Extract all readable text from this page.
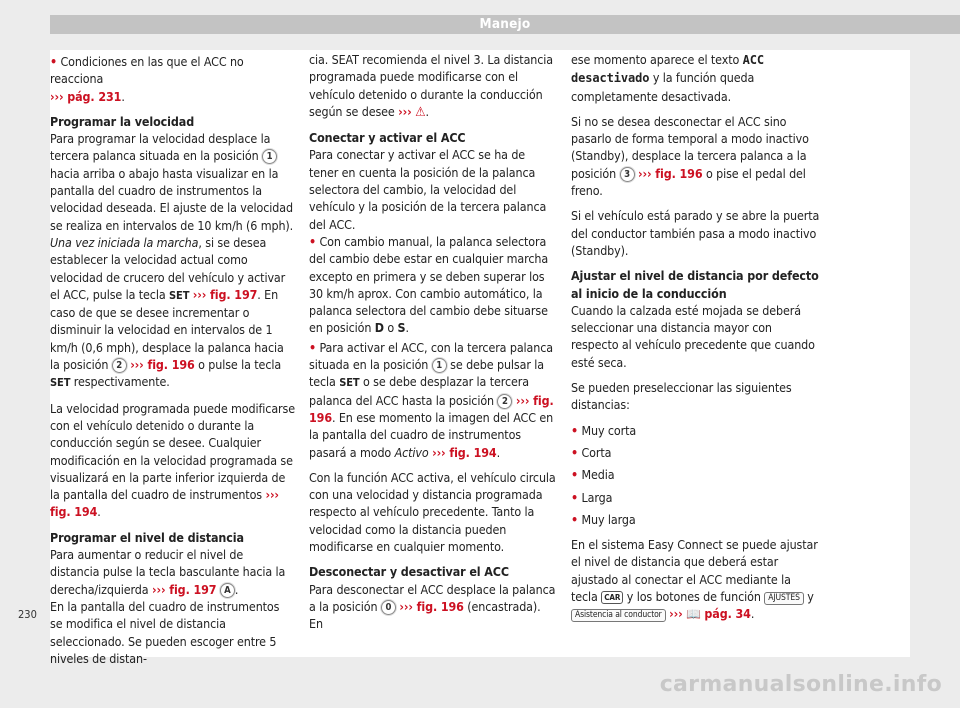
Manejo

• Condiciones en las que el ACC no reacciona
››› pág. 231.

Programar la velocidad
Para programar la velocidad desplace la tercera palanca situada en la posición 1 hacia arriba o abajo hasta visualizar en la pantalla del cuadro de instrumentos la velocidad deseada. El ajuste de la velocidad se realiza en intervalos de 10 km/h (6 mph).

Una vez iniciada la marcha, si se desea establecer la velocidad actual como velocidad de crucero del vehículo y activar el ACC, pulse la tecla SET ››› fig. 197. En caso de que se desee incrementar o disminuir la velocidad en intervalos de 1 km/h (0,6 mph), desplace la palanca hacia la posición 2 ››› fig. 196 o pulse la tecla SET respectivamente.

La velocidad programada puede modificarse con el vehículo detenido o durante la conducción según se desee. Cualquier modificación en la velocidad programada se visualizará en la parte inferior izquierda de la pantalla del cuadro de instrumentos ››› fig. 194.

Programar el nivel de distancia
Para aumentar o reducir el nivel de distancia pulse la tecla basculante hacia la derecha/izquierda ››› fig. 197 A .

En la pantalla del cuadro de instrumentos se modifica el nivel de distancia seleccionado. Se pueden escoger entre 5 niveles de distan-

cia. SEAT recomienda el nivel 3. La distancia programada puede modificarse con el vehículo detenido o durante la conducción según se desee ››› ⚠.

Conectar y activar el ACC
Para conectar y activar el ACC se ha de tener en cuenta la posición de la palanca selectora del cambio, la velocidad del vehículo y la posición de la tercera palanca del ACC.

• Con cambio manual, la palanca selectora del cambio debe estar en cualquier marcha excepto en primera y se deben superar los 30 km/h aprox. Con cambio automático, la palanca selectora del cambio debe situarse en posición D o S.

• Para activar el ACC, con la tercera palanca situada en la posición 1 se debe pulsar la tecla SET o se debe desplazar la tercera palanca del ACC hasta la posición 2 ››› fig. 196. En ese momento la imagen del ACC en la pantalla del cuadro de instrumentos pasará a modo Activo ››› fig. 194.

Con la función ACC activa, el vehículo circula con una velocidad y distancia programada respecto al vehículo precedente. Tanto la velocidad como la distancia pueden modificarse en cualquier momento.

Desconectar y desactivar el ACC
Para desconectar el ACC desplace la palanca a la posición 0 ››› fig. 196 (encastrada). En

ese momento aparece el texto ACC desactivado y la función queda completamente desactivada.

Si no se desea desconectar el ACC sino pasarlo de forma temporal a modo inactivo (Standby), desplace la tercera palanca a la posición 3 ››› fig. 196 o pise el pedal del freno.

Si el vehículo está parado y se abre la puerta del conductor también pasa a modo inactivo (Standby).

Ajustar el nivel de distancia por defecto al inicio de la conducción
Cuando la calzada esté mojada se deberá seleccionar una distancia mayor con respecto al vehículo precedente que cuando esté seca.

Se pueden preseleccionar las siguientes distancias:

• Muy corta
• Corta
• Media
• Larga
• Muy larga

En el sistema Easy Connect se puede ajustar el nivel de distancia que deberá estar ajustado al conectar el ACC mediante la tecla CAR y los botones de función AJUSTES y Asistencia al conductor ››› 📖 pág. 34.

230
carmanualsonline.info
